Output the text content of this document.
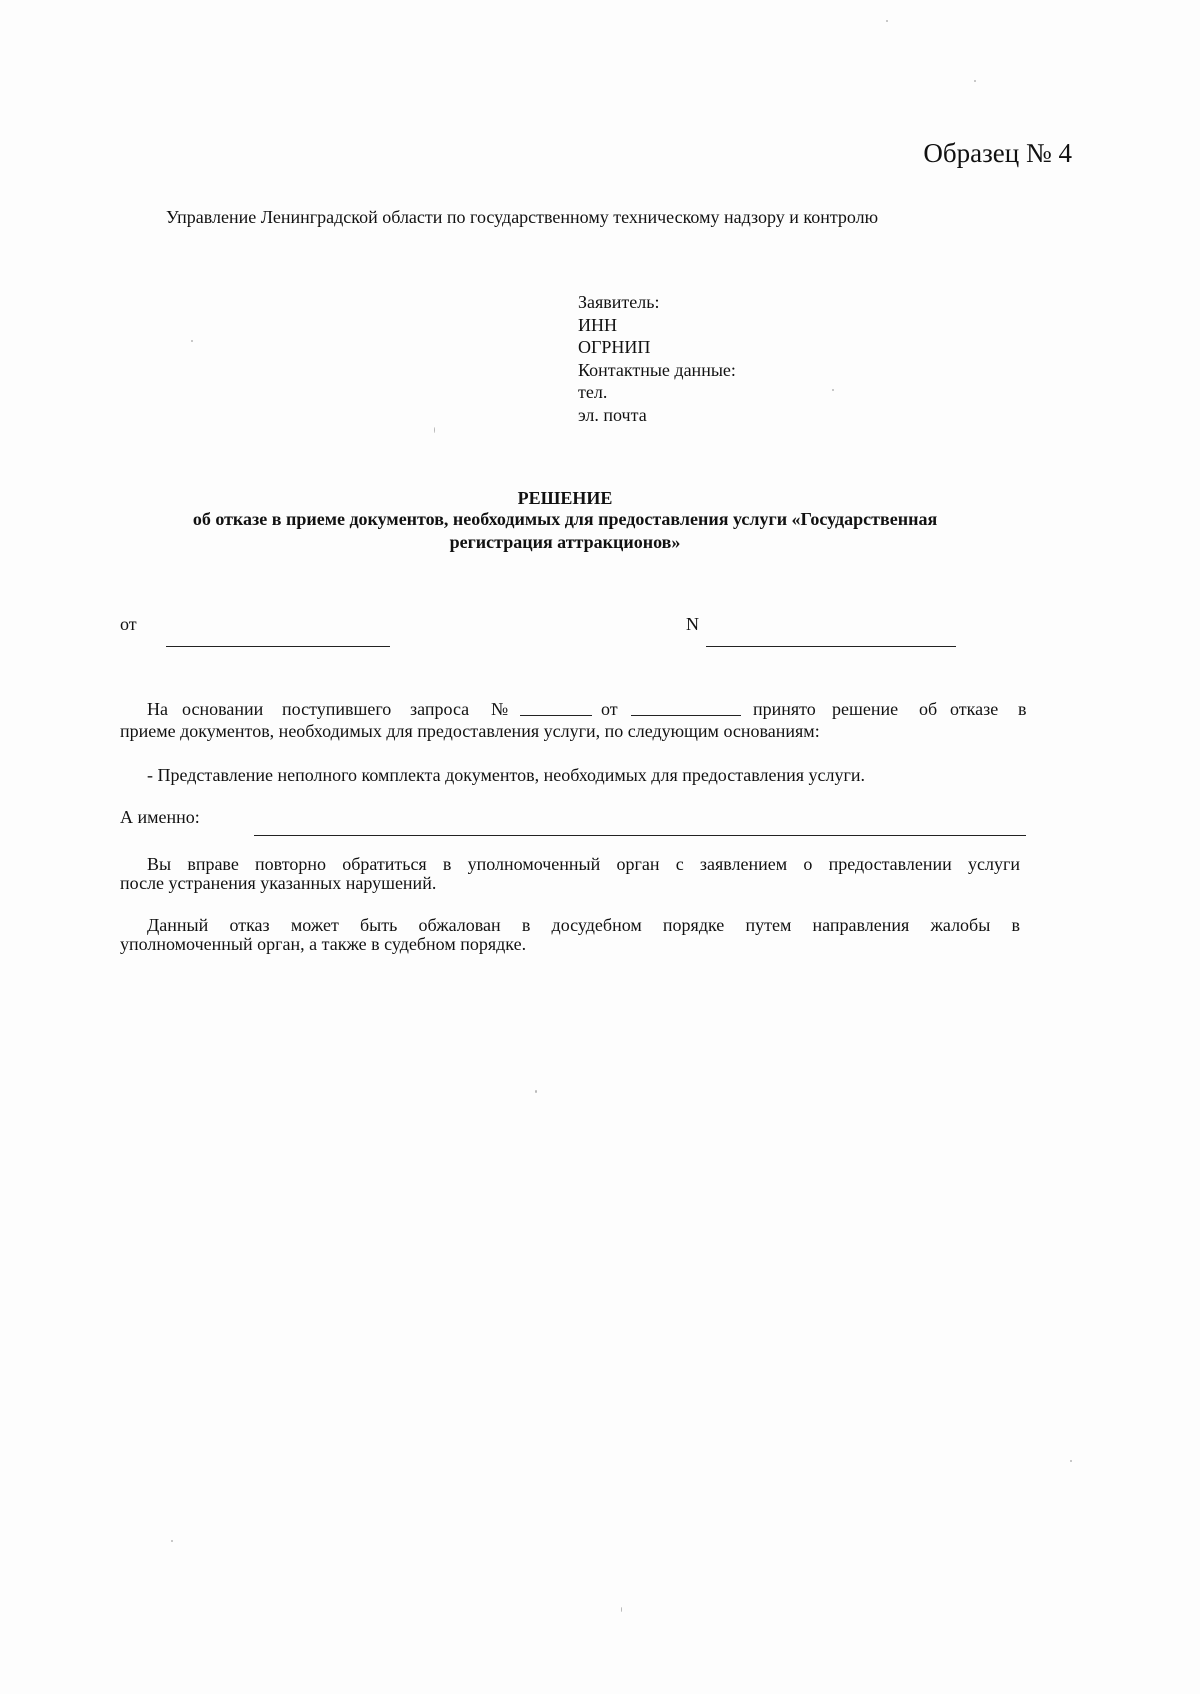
Образец № 4
Управление Ленинградской области по государственному техническому надзору и контролю
Заявитель:
ИНН
ОГРНИП
Контактные данные:
тел.
эл. почта
РЕШЕНИЕ
об отказе в приеме документов, необходимых для предоставления услуги «Государственная
регистрация аттракционов»
от	N
На основании поступившего запроса №	от	принято решение об отказе в
приеме документов, необходимых для предоставления услуги, по следующим основаниям:
- Представление неполного комплекта документов, необходимых для предоставления услуги.
А именно:
Вы вправе повторно обратиться в уполномоченный орган с заявлением о предоставлении услуги
после устранения указанных нарушений.
Данный отказ может быть обжалован в досудебном порядке путем направления жалобы в
уполномоченный орган, а также в судебном порядке.
